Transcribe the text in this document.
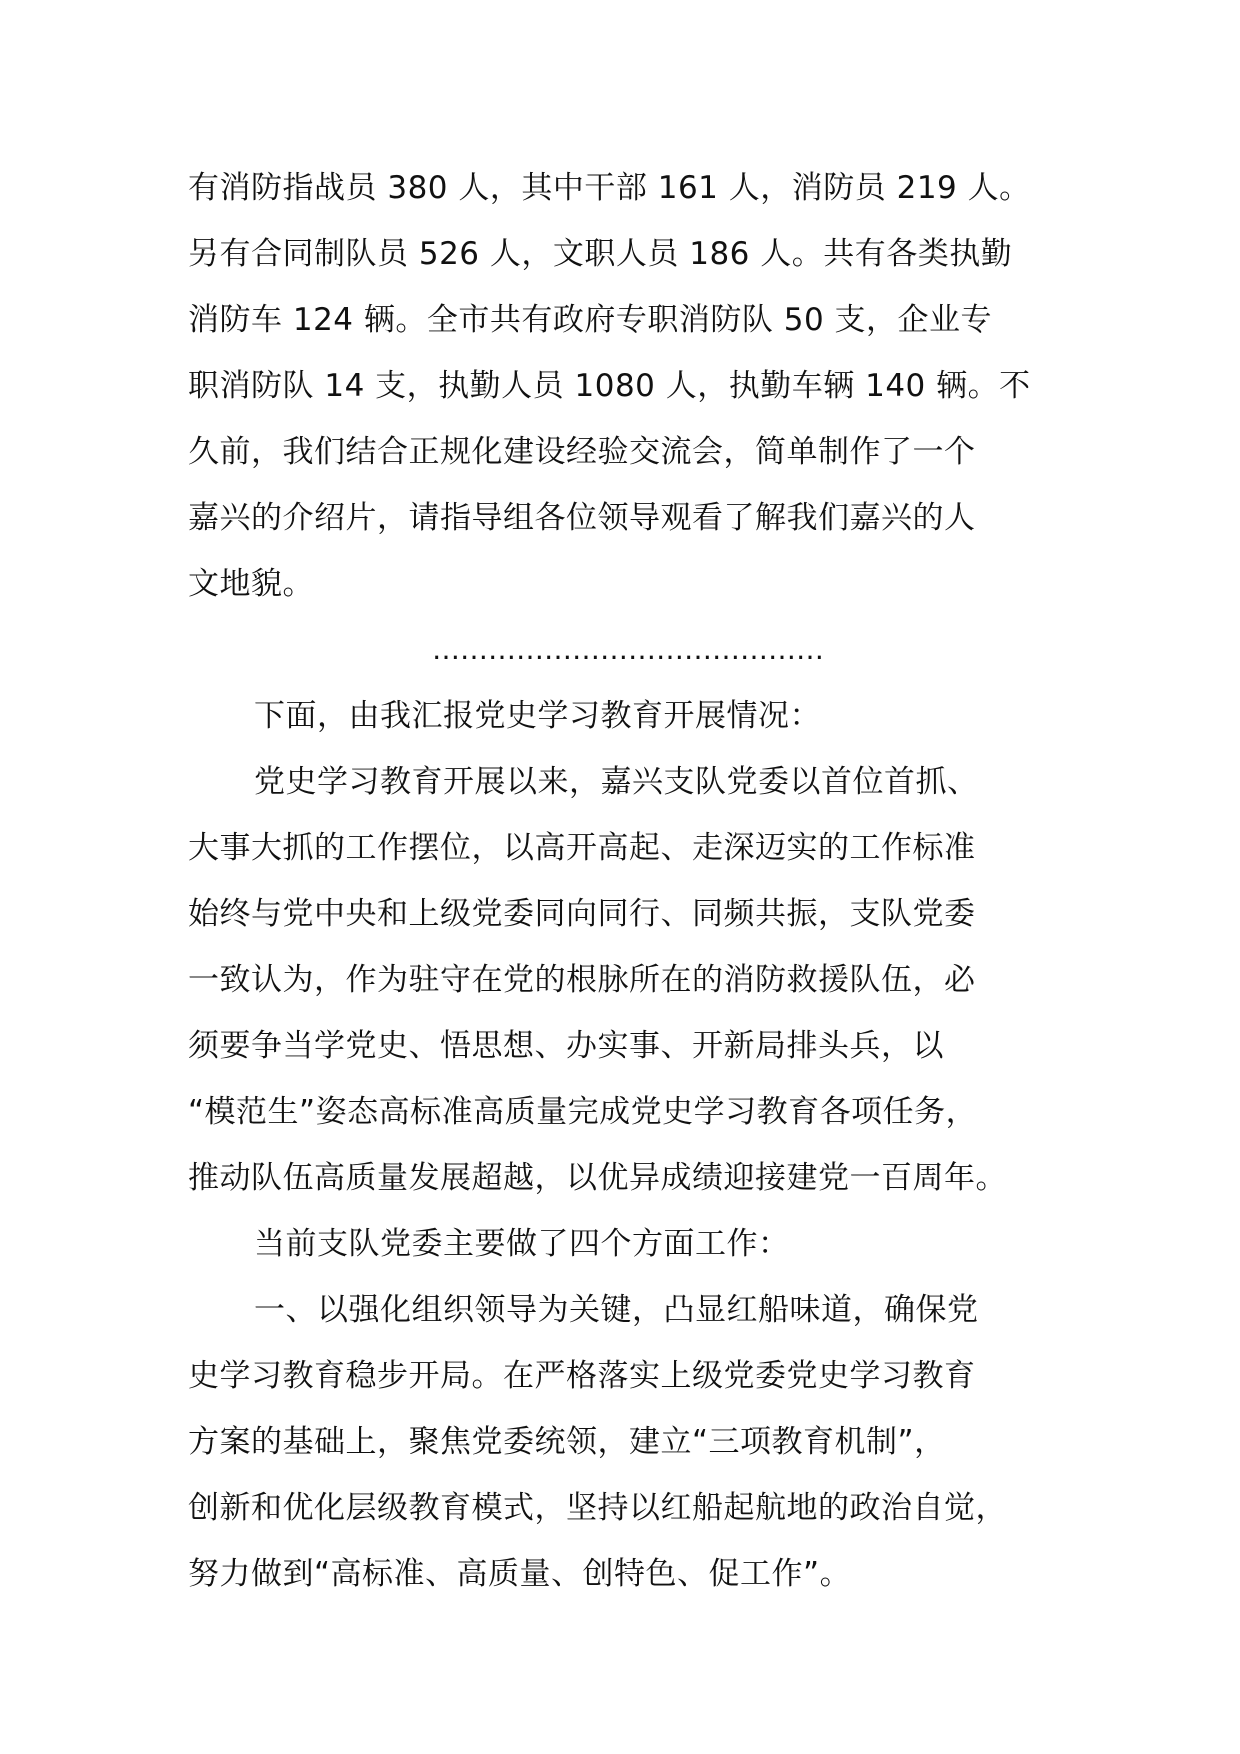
有消防指战员 380 人，其中干部 161 人，消防员 219 人。
另有合同制队员 526 人，文职人员 186 人。共有各类执勤
消防车 124 辆。全市共有政府专职消防队 50 支，企业专
职消防队 14 支，执勤人员 1080 人，执勤车辆 140 辆。不
久前，我们结合正规化建设经验交流会，简单制作了一个
嘉兴的介绍片，请指导组各位领导观看了解我们嘉兴的人
文地貌。
……………………………………
下面，由我汇报党史学习教育开展情况：
党史学习教育开展以来，嘉兴支队党委以首位首抓、
大事大抓的工作摆位，以高开高起、走深迈实的工作标准
始终与党中央和上级党委同向同行、同频共振，支队党委
一致认为，作为驻守在党的根脉所在的消防救援队伍，必
须要争当学党史、悟思想、办实事、开新局排头兵，以
“模范生”姿态高标准高质量完成党史学习教育各项任务，
推动队伍高质量发展超越，以优异成绩迎接建党一百周年。
当前支队党委主要做了四个方面工作：
一、以强化组织领导为关键，凸显红船味道，确保党
史学习教育稳步开局。在严格落实上级党委党史学习教育
方案的基础上，聚焦党委统领，建立“三项教育机制”，
创新和优化层级教育模式，坚持以红船起航地的政治自觉，
努力做到“高标准、高质量、创特色、促工作”。
